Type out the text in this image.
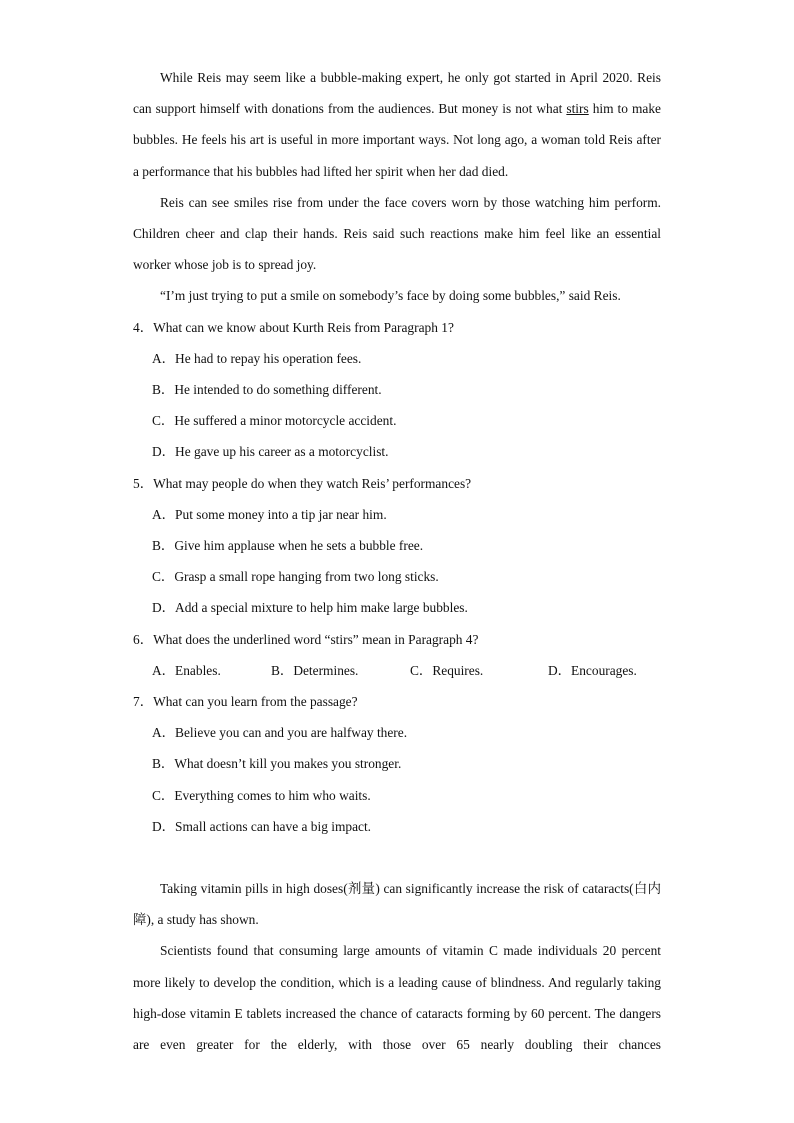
While Reis may seem like a bubble-making expert, he only got started in April 2020. Reis can support himself with donations from the audiences. But money is not what stirs him to make bubbles. He feels his art is useful in more important ways. Not long ago, a woman told Reis after a performance that his bubbles had lifted her spirit when her dad died.

Reis can see smiles rise from under the face covers worn by those watching him perform. Children cheer and clap their hands. Reis said such reactions make him feel like an essential worker whose job is to spread joy.

“I’m just trying to put a smile on somebody’s face by doing some bubbles,” said Reis.

4．What can we know about Kurth Reis from Paragraph 1?

A．He had to repay his operation fees.

B．He intended to do something different.

C．He suffered a minor motorcycle accident.

D．He gave up his career as a motorcyclist.

5．What may people do when they watch Reis’ performances?

A．Put some money into a tip jar near him.

B．Give him applause when he sets a bubble free.

C．Grasp a small rope hanging from two long sticks.

D．Add a special mixture to help him make large bubbles.

6．What does the underlined word “stirs” mean in Paragraph 4?

A．Enables.	B．Determines.	C．Requires.	D．Encourages.

7．What can you learn from the passage?

A．Believe you can and you are halfway there.

B．What doesn’t kill you makes you stronger.

C．Everything comes to him who waits.

D．Small actions can have a big impact.

Taking vitamin pills in high doses(剂量) can significantly increase the risk of cataracts(白内障), a study has shown.

Scientists found that consuming large amounts of vitamin C made individuals 20 percent more likely to develop the condition, which is a leading cause of blindness. And regularly taking high-dose vitamin E tablets increased the chance of cataracts forming by 60 percent. The dangers are even greater for the elderly, with those over 65 nearly doubling their chances
